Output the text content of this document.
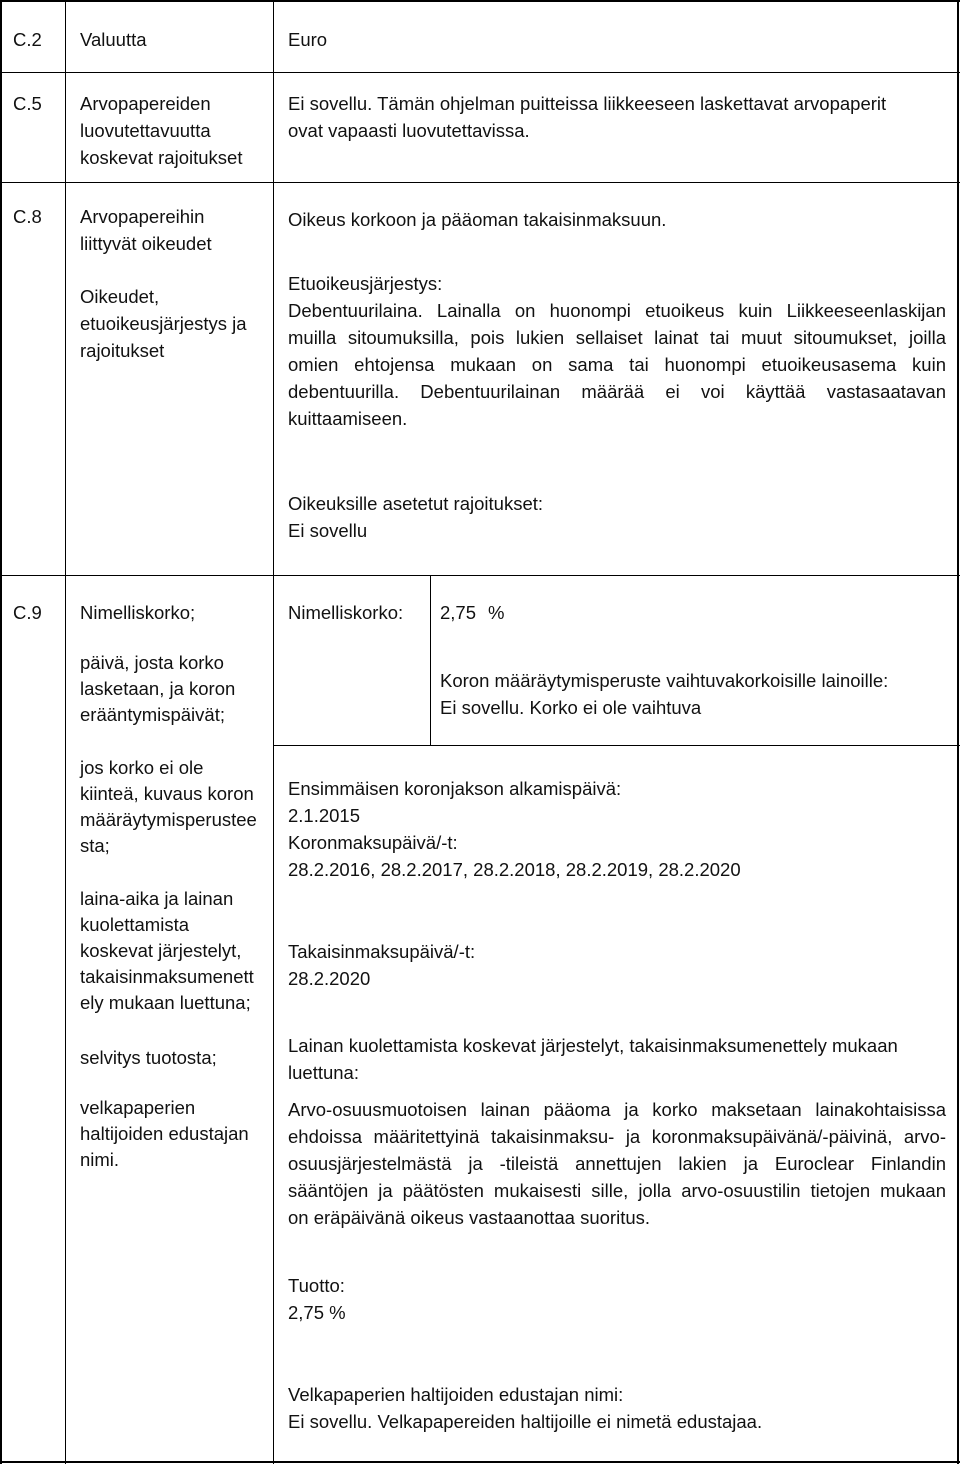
C.2 Valuutta	Euro
C.5 Arvopapereiden
luovutettavuutta
koskevat rajoitukset
Ei sovellu. Tämän ohjelman puitteissa liikkeeseen laskettavat arvopaperit
ovat vapaasti luovutettavissa.
C.8 Arvopapereihin
liittyvät oikeudet
Oikeudet,
etuoikeusjärjestys ja
rajoitukset
Oikeus korkoon ja pääoman takaisinmaksuun.
Etuoikeusjärjestys:
Debentuurilaina. Lainalla on huonompi etuoikeus kuin Liikkeeseenlaskijan
muilla sitoumuksilla, pois lukien sellaiset lainat tai muut sitoumukset, joilla
omien ehtojensa mukaan on sama tai huonompi etuoikeusasema kuin
debentuurilla. Debentuurilainan määrää ei voi käyttää vastasaatavan
kuittaamiseen.
Oikeuksille asetetut rajoitukset:
Ei sovellu
C.9 Nimelliskorko;
päivä, josta korko
lasketaan, ja koron
erääntymispäivät;
jos korko ei ole
kiinteä, kuvaus koron
määräytymisperustee
sta;
laina-aika ja lainan
kuolettamista
koskevat järjestelyt,
takaisinmaksumenett
ely mukaan luettuna;
selvitys tuotosta;
velkapaperien
haltijoiden edustajan
nimi.
Nimelliskorko: 2,75 %
Koron määräytymisperuste vaihtuvakorkoisille lainoille:
Ei sovellu. Korko ei ole vaihtuva
Ensimmäisen koronjakson alkamispäivä:
2.1.2015
Koronmaksupäivä/-t:
28.2.2016, 28.2.2017, 28.2.2018, 28.2.2019, 28.2.2020
Takaisinmaksupäivä/-t:
28.2.2020
Lainan kuolettamista koskevat järjestelyt, takaisinmaksumenettely mukaan
luettuna:
Arvo-osuusmuotoisen lainan pääoma ja korko maksetaan lainakohtaisissa
ehdoissa määritettyinä takaisinmaksu- ja koronmaksupäivänä/-päivinä, arvo-
osuusjärjestelmästä ja -tileistä annettujen lakien ja Euroclear Finlandin
sääntöjen ja päätösten mukaisesti sille, jolla arvo-osuustilin tietojen mukaan
on eräpäivänä oikeus vastaanottaa suoritus.
Tuotto:
2,75 %
Velkapaperien haltijoiden edustajan nimi:
Ei sovellu. Velkapapereiden haltijoille ei nimetä edustajaa.
